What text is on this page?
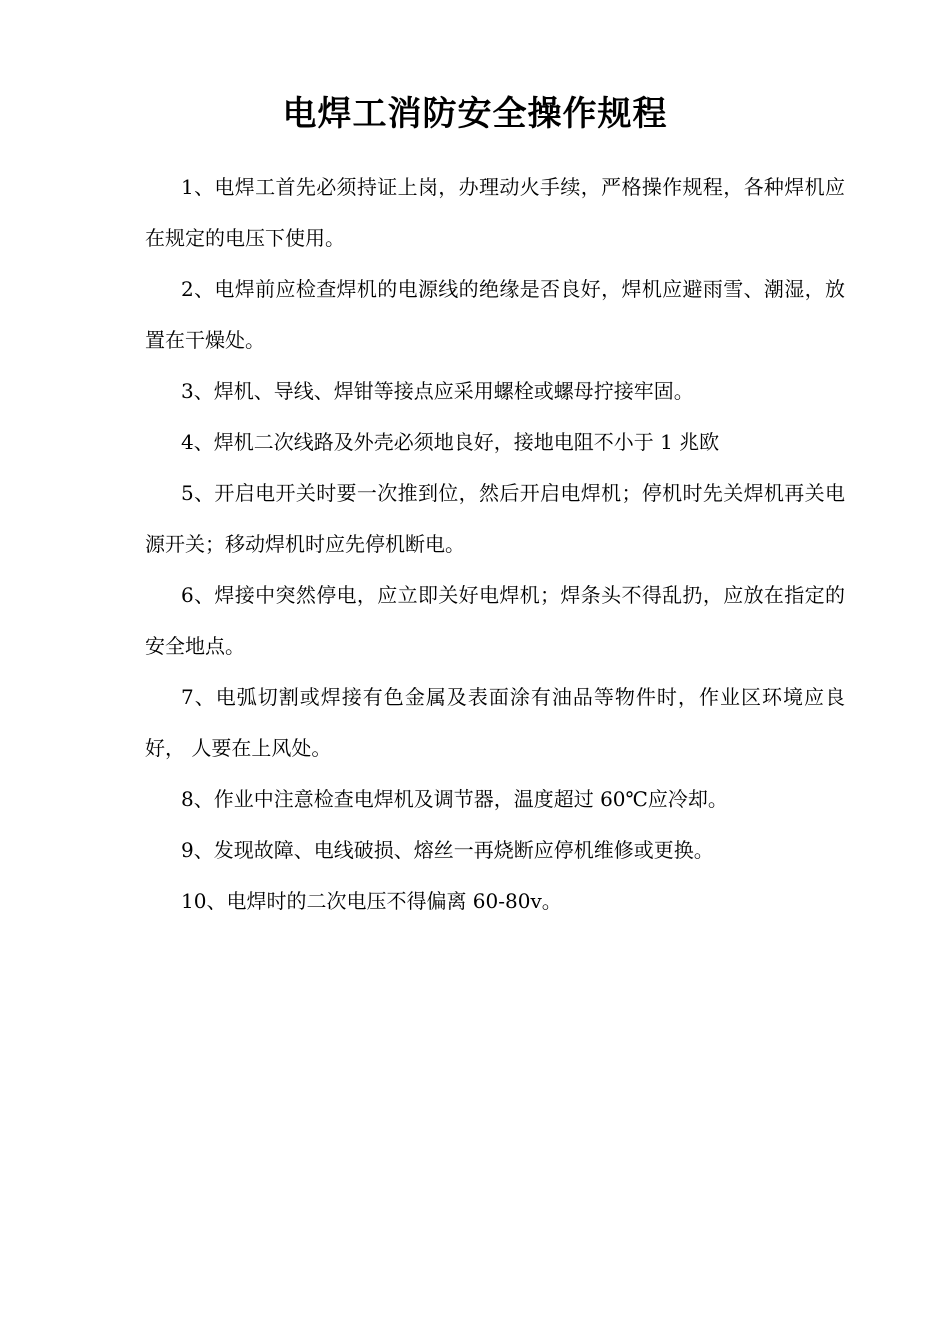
电焊工消防安全操作规程
1、电焊工首先必须持证上岗，办理动火手续，严格操作规程，各种焊机应 在规定的电压下使用。
2、电焊前应检查焊机的电源线的绝缘是否良好，焊机应避雨雪、潮湿，放 置在干燥处。
3、焊机、导线、焊钳等接点应采用螺栓或螺母拧接牢固。
4、焊机二次线路及外壳必须地良好，接地电阻不小于 1 兆欧
5、开启电开关时要一次推到位，然后开启电焊机；停机时先关焊机再关电 源开关；移动焊机时应先停机断电。
6、焊接中突然停电，应立即关好电焊机；焊条头不得乱扔，应放在指定的 安全地点。
7、电弧切割或焊接有色金属及表面涂有油品等物件时，作业区环境应良好， 人要在上风处。
8、作业中注意检查电焊机及调节器，温度超过 60℃应冷却。
9、发现故障、电线破损、熔丝一再烧断应停机维修或更换。
10、电焊时的二次电压不得偏离 60-80v。
